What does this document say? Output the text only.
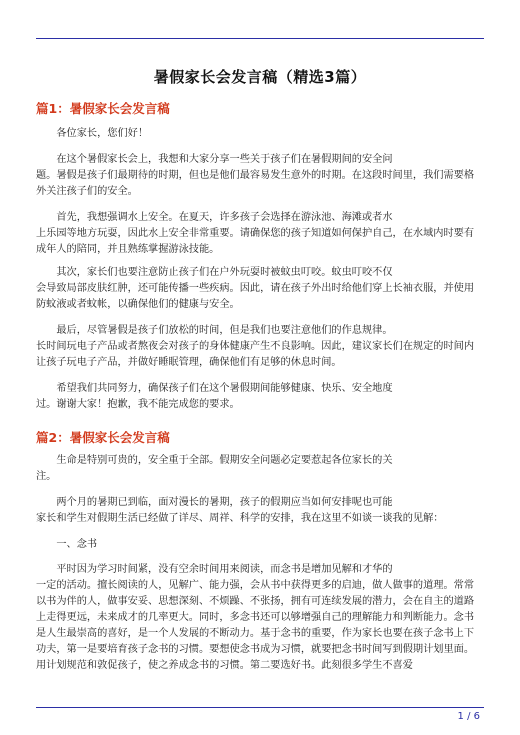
暑假家长会发言稿（精选3篇）
篇1：暑假家长会发言稿
　　各位家长，您们好！
　　在这个暑假家长会上，我想和大家分享一些关于孩子们在暑假期间的安全问
题。暑假是孩子们最期待的时期，但也是他们最容易发生意外的时期。在这段时间里，我们需要格外关注孩子们的安全。
　　首先，我想强调水上安全。在夏天，许多孩子会选择在游泳池、海滩或者水
上乐园等地方玩耍，因此水上安全非常重要。请确保您的孩子知道如何保护自己，在水域内时要有成年人的陪同，并且熟练掌握游泳技能。
　　其次，家长们也要注意防止孩子们在户外玩耍时被蚊虫叮咬。蚊虫叮咬不仅
会导致局部皮肤红肿，还可能传播一些疾病。因此，请在孩子外出时给他们穿上长袖衣服，并使用防蚊液或者蚊帐，以确保他们的健康与安全。
　　最后，尽管暑假是孩子们放松的时间，但是我们也要注意他们的作息规律。
长时间玩电子产品或者熬夜会对孩子的身体健康产生不良影响。因此，建议家长们在规定的时间内让孩子玩电子产品，并做好睡眠管理，确保他们有足够的休息时间。
　　希望我们共同努力，确保孩子们在这个暑假期间能够健康、快乐、安全地度
过。谢谢大家！抱歉，我不能完成您的要求。
篇2：暑假家长会发言稿
　　生命是特别可贵的，安全重于全部。假期安全问题必定要惹起各位家长的关
注。
　　两个月的暑期已到临，面对漫长的暑期，孩子的假期应当如何安排呢也可能
家长和学生对假期生活已经做了详尽、周祥、科学的安排，我在这里不如谈一谈我的见解：
　　一、念书
　　平时因为学习时间紧，没有空余时间用来阅读，而念书是增加见解和才华的
一定的活动。擅长阅读的人，见解广、能力强，会从书中获得更多的启迪，做人做事的道理。常常以书为伴的人，做事安妥、思想深刻、不烦躁、不张扬，拥有可连续发展的潜力，会在自主的道路上走得更远，未来成才的几率更大。同时，多念书还可以够增强自己的理解能力和判断能力。念书是人生最崇高的喜好，是一个人发展的不断动力。基于念书的重要，作为家长也要在孩子念书上下功夫，第一是要培育孩子念书的习惯。要想使念书成为习惯，就要把念书时间写到假期计划里面。用计划规范和敦促孩子，使之养成念书的习惯。第二要选好书。此刻很多学生不喜爱
1 / 6
